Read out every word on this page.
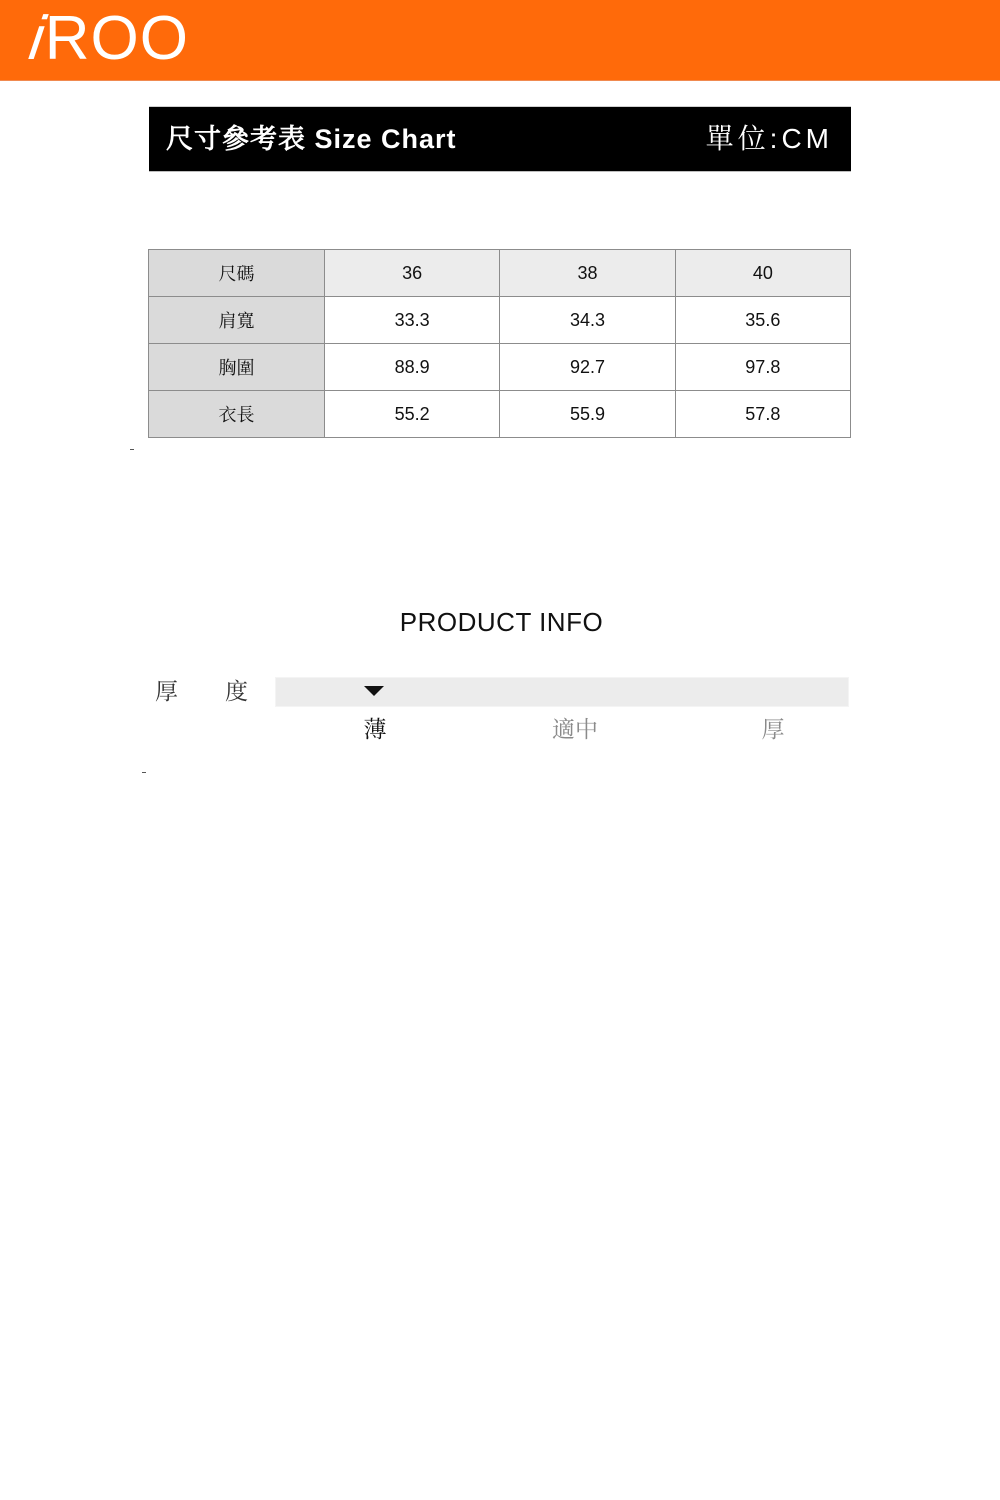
iROO
尺寸參考表 Size Chart	單位:CM
尺碼	36	38	40
肩寬	33.3	34.3	35.6
胸圍	88.9	92.7	97.8
衣長	55.2	55.9	57.8
PRODUCT INFO
厚 度
薄	適中	厚
